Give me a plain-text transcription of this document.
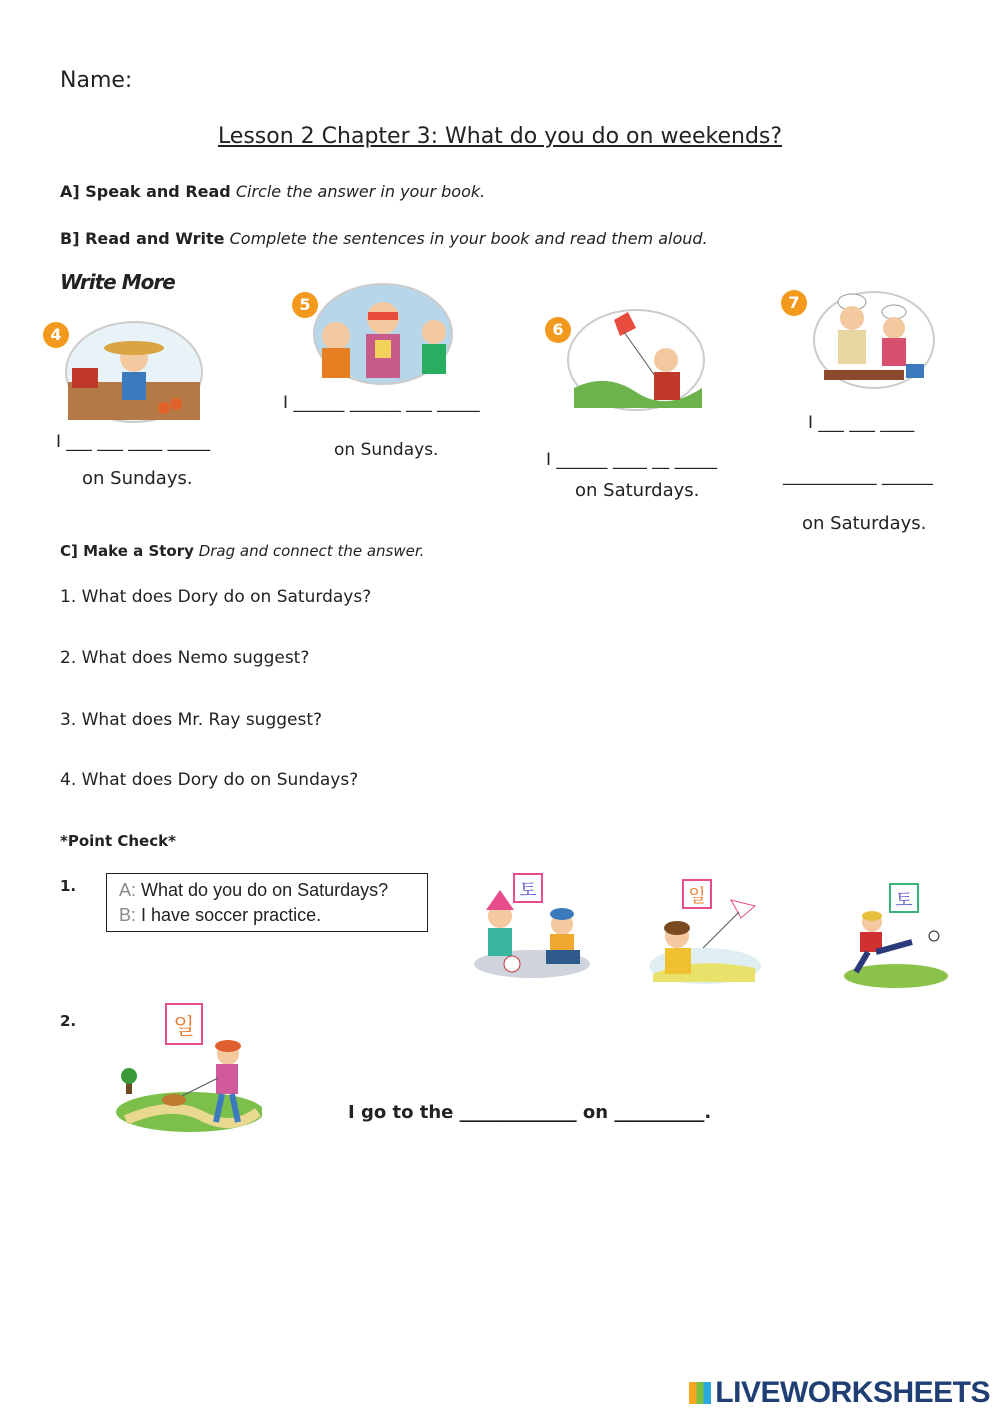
Name:
Lesson 2 Chapter 3: What do you do on weekends?
A] Speak and Read Circle the answer in your book.
B] Read and Write Complete the sentences in your book and read them aloud.
Write More
4
I ___ ___ ____ _____
on Sundays.
5
I ______ ______ ___ _____
on Sundays.
6
I ______ ____ __ _____
on Saturdays.
7
I ___ ___ ____
___________ ______
on Saturdays.
C] Make a Story Drag and connect the answer.
1. What does Dory do on Saturdays?
2. What does Nemo suggest?
3. What does Mr. Ray suggest?
4. What does Dory do on Sundays?
*Point Check*
1. A: What do you do on Saturdays?
B: I have soccer practice.
토	일	토
2.	일
I go to the _____________ on __________.
LIVEWORKSHEETS
